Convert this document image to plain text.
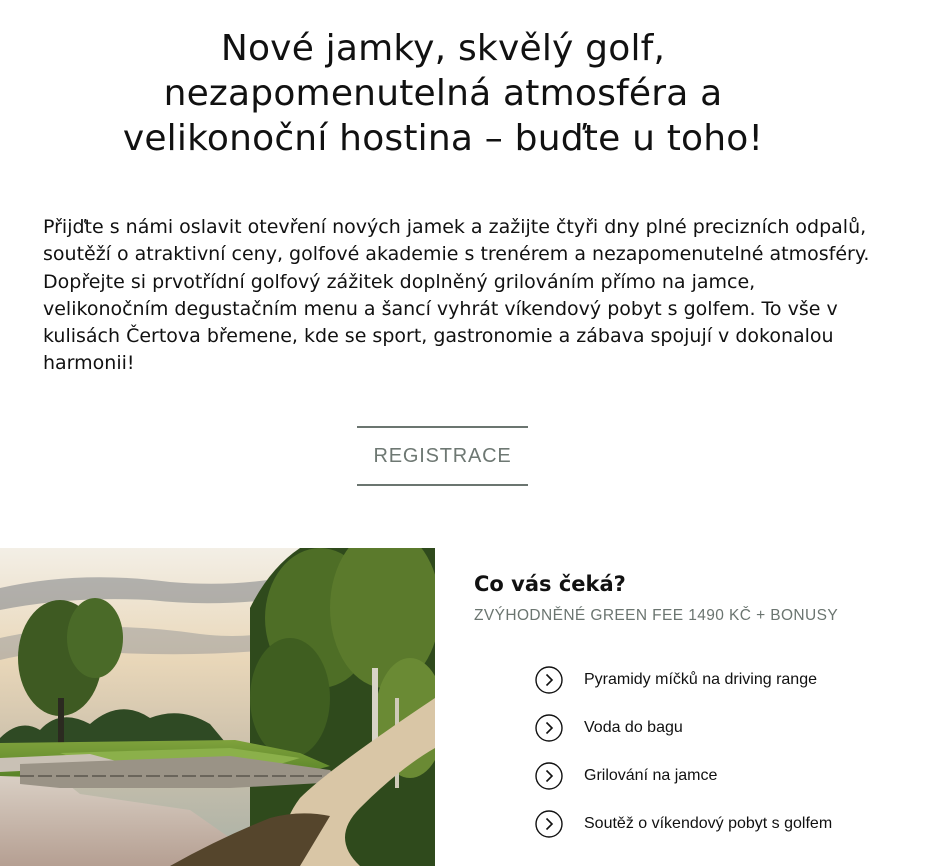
Nové jamky, skvělý golf,
nezapomenutelná atmosféra a
velikonoční hostina – buďte u toho!

Přijďte s námi oslavit otevření nových jamek a zažijte čtyři dny plné precizních odpalů, soutěží o atraktivní ceny, golfové akademie s trenérem a nezapomenutelné atmosféry. Dopřejte si prvotřídní golfový zážitek doplněný grilováním přímo na jamce, velikonočním degustačním menu a šancí vyhrát víkendový pobyt s golfem. To vše v kulisách Čertova břemene, kde se sport, gastronomie a zábava spojují v dokonalou harmonii!

REGISTRACE
Co vás čeká?

ZVÝHODNĚNÉ GREEN FEE 1490 KČ + BONUSY

Pyramidy míčků na driving range
Voda do bagu
Grilování na jamce
Soutěž o víkendový pobyt s golfem
